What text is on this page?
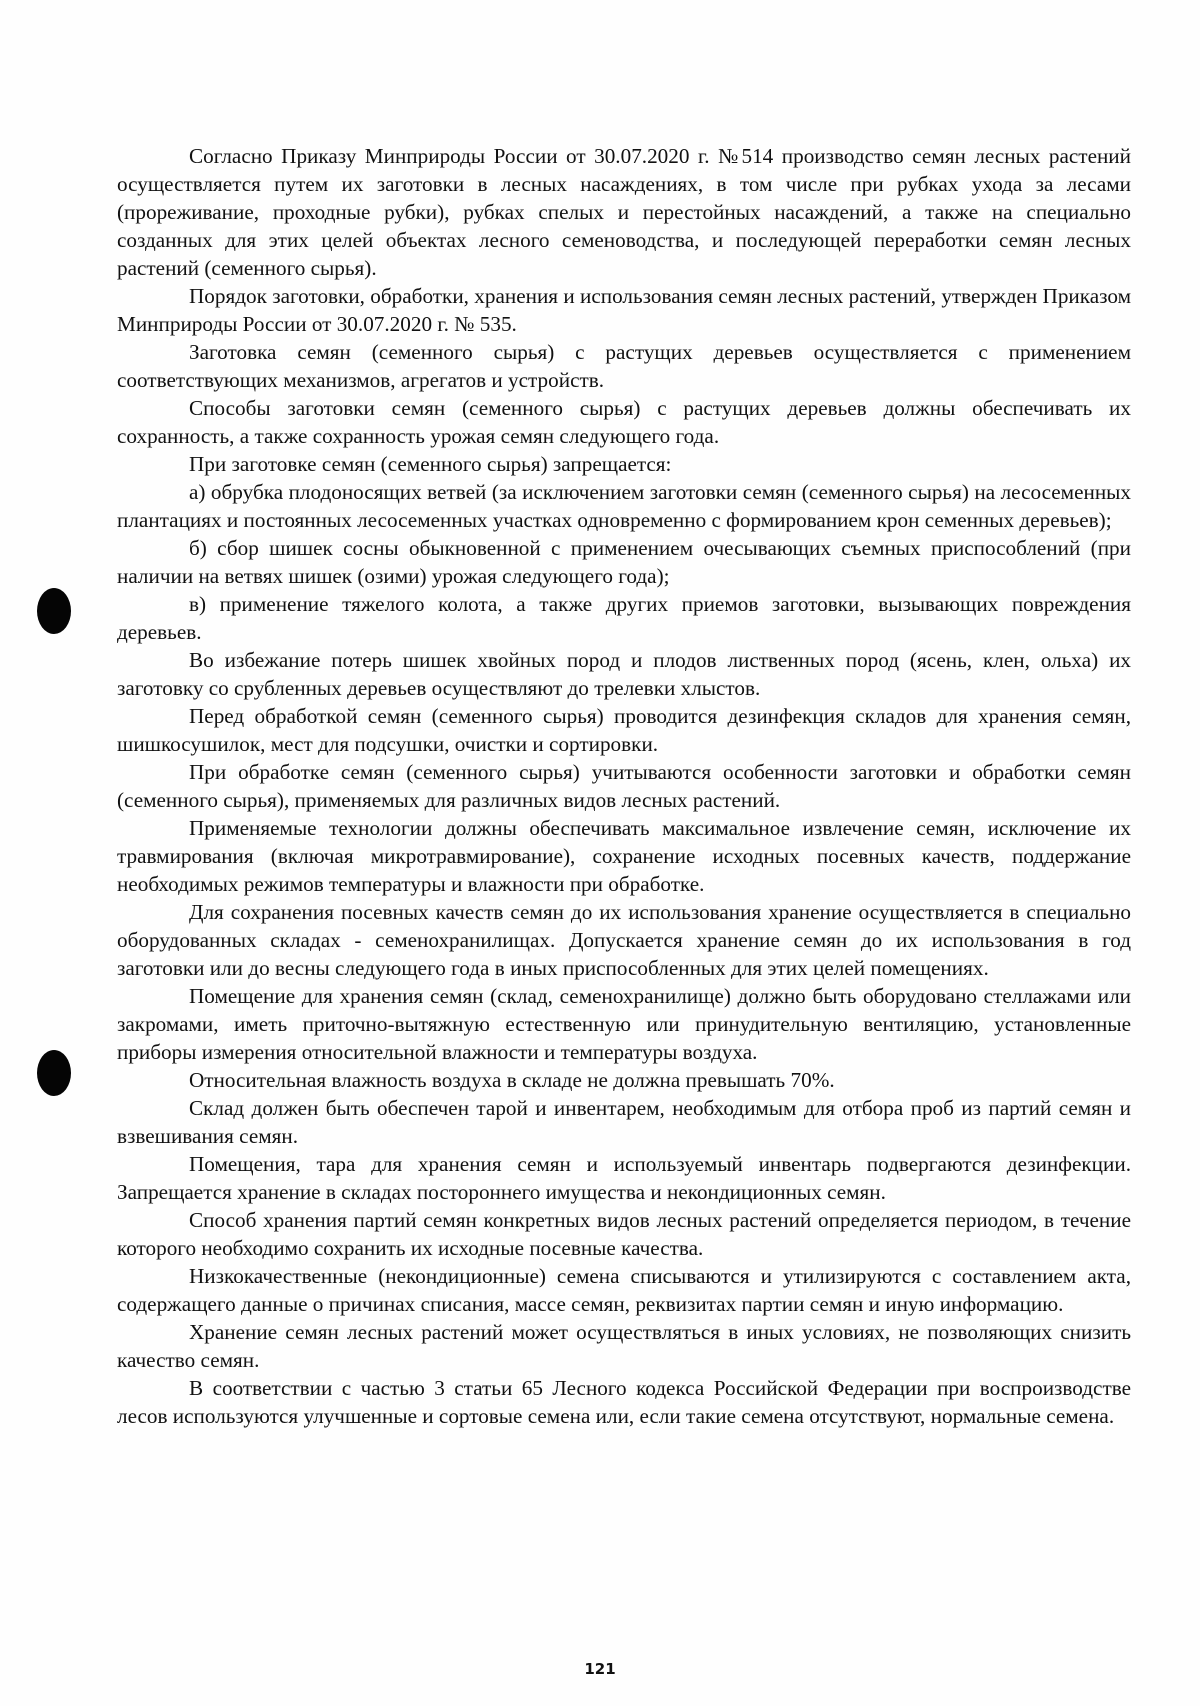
Согласно Приказу Минприроды России от 30.07.2020 г. №514 производство семян лесных растений осуществляется путем их заготовки в лесных насаждениях, в том числе при рубках ухода за лесами (прореживание, проходные рубки), рубках спелых и перестойных насаждений, а также на специально созданных для этих целей объектах лесного семеноводства, и последующей переработки семян лесных растений (семенного сырья).

Порядок заготовки, обработки, хранения и использования семян лесных растений, утвержден Приказом Минприроды России от 30.07.2020 г. № 535.

Заготовка семян (семенного сырья) с растущих деревьев осуществляется с применением соответствующих механизмов, агрегатов и устройств.

Способы заготовки семян (семенного сырья) с растущих деревьев должны обеспечивать их сохранность, а также сохранность урожая семян следующего года.

При заготовке семян (семенного сырья) запрещается:

а) обрубка плодоносящих ветвей (за исключением заготовки семян (семенного сырья) на лесосеменных плантациях и постоянных лесосеменных участках одновременно с формированием крон семенных деревьев);

б) сбор шишек сосны обыкновенной с применением очесывающих съемных приспособлений (при наличии на ветвях шишек (озими) урожая следующего года);

в) применение тяжелого колота, а также других приемов заготовки, вызывающих повреждения деревьев.

Во избежание потерь шишек хвойных пород и плодов лиственных пород (ясень, клен, ольха) их заготовку со срубленных деревьев осуществляют до трелевки хлыстов.

Перед обработкой семян (семенного сырья) проводится дезинфекция складов для хранения семян, шишкосушилок, мест для подсушки, очистки и сортировки.

При обработке семян (семенного сырья) учитываются особенности заготовки и обработки семян (семенного сырья), применяемых для различных видов лесных растений.

Применяемые технологии должны обеспечивать максимальное извлечение семян, исключение их травмирования (включая микротравмирование), сохранение исходных посевных качеств, поддержание необходимых режимов температуры и влажности при обработке.

Для сохранения посевных качеств семян до их использования хранение осуществляется в специально оборудованных складах - семенохранилищах. Допускается хранение семян до их использования в год заготовки или до весны следующего года в иных приспособленных для этих целей помещениях.

Помещение для хранения семян (склад, семенохранилище) должно быть оборудовано стеллажами или закромами, иметь приточно-вытяжную естественную или принудительную вентиляцию, установленные приборы измерения относительной влажности и температуры воздуха.

Относительная влажность воздуха в складе не должна превышать 70%.

Склад должен быть обеспечен тарой и инвентарем, необходимым для отбора проб из партий семян и взвешивания семян.

Помещения, тара для хранения семян и используемый инвентарь подвергаются дезинфекции. Запрещается хранение в складах постороннего имущества и некондиционных семян.

Способ хранения партий семян конкретных видов лесных растений определяется периодом, в течение которого необходимо сохранить их исходные посевные качества.

Низкокачественные (некондиционные) семена списываются и утилизируются с составлением акта, содержащего данные о причинах списания, массе семян, реквизитах партии семян и иную информацию.

Хранение семян лесных растений может осуществляться в иных условиях, не позволяющих снизить качество семян.

В соответствии с частью 3 статьи 65 Лесного кодекса Российской Федерации при воспроизводстве лесов используются улучшенные и сортовые семена или, если такие семена отсутствуют, нормальные семена.

121
